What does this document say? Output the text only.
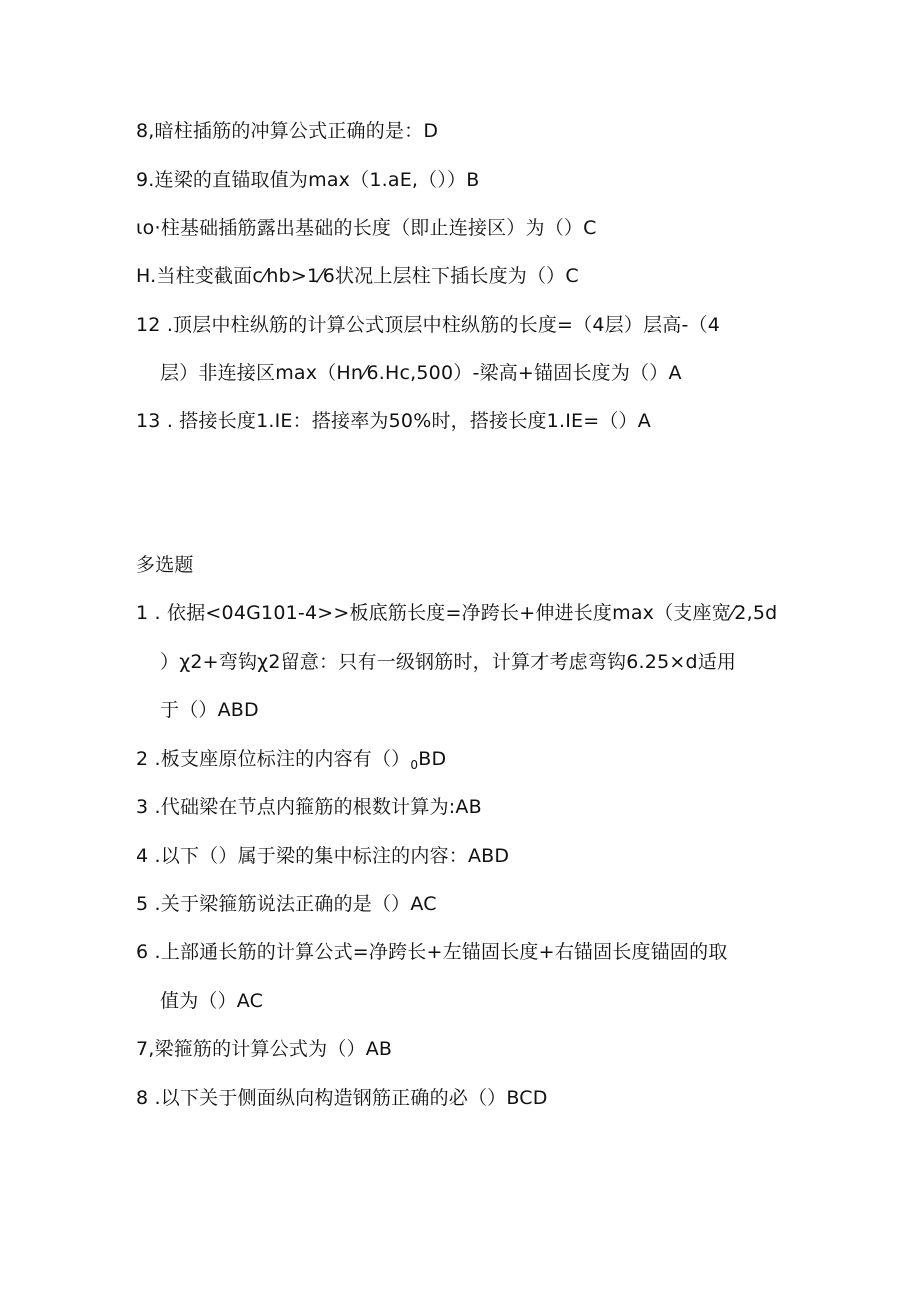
8,暗柱插筋的冲算公式正确的是：D
9.连梁的直锚取值为max（1.aE,（））B
ιo·柱基础插筋露出基础的长度（即止连接区）为（）C
H.当柱变截面c⁄hb>1⁄6状况上层柱下插长度为（）C
12 .顶层中柱纵筋的计算公式顶层中柱纵筋的长度=（4层）层高-（4
层）非连接区max（Hn⁄6.Hc,500）-梁高+锚固长度为（）A
13 . 搭接长度1.IE：搭接率为50%时，搭接长度1.IE=（）A
多选题
1 . 依据<04G101-4>>板底筋长度=净跨长+伸进长度max（支座宽⁄2,5d
）χ2+弯钩χ2留意：只有一级钢筋时，计算才考虑弯钩6.25×d适用
于（）ABD
2 .板支座原位标注的内容有$()_0BD$
3 .代础梁在节点内箍筋的根数计算为:AB
4 .以下（）属于梁的集中标注的内容：ABD
5 .关于梁箍筋说法正确的是（）AC
6 .上部通长筋的计算公式=净跨长+左锚固长度+右锚固长度锚固的取
值为（）AC
7,梁箍筋的计算公式为（）AB
8 .以下关于侧面纵向构造钢筋正确的必（）BCD
